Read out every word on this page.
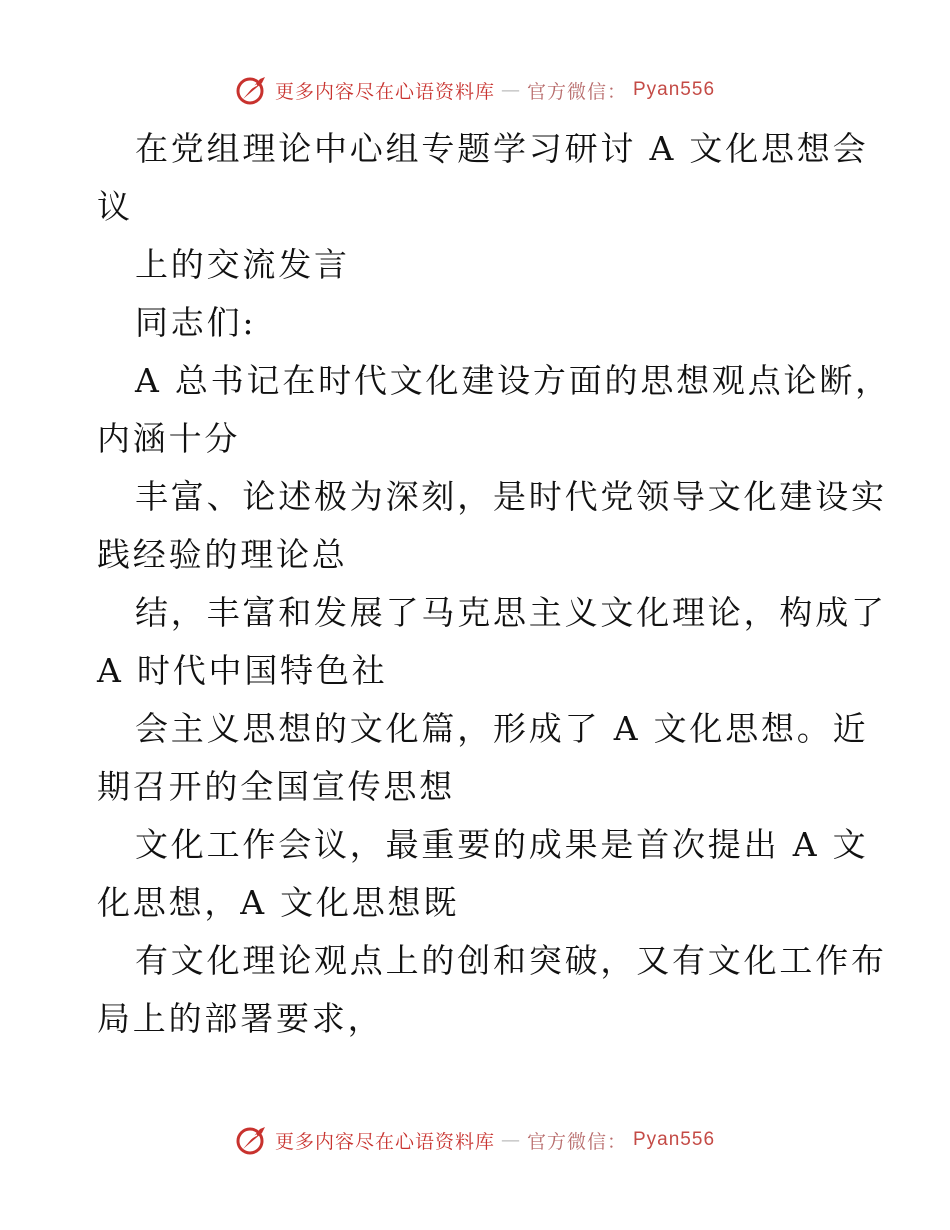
更多内容尽在心语资料库 — 官方微信： Pyan556
在党组理论中心组专题学习研讨 A 文化思想会
议
上的交流发言
同志们:
A 总书记在时代文化建设方面的思想观点论断，
内涵十分
丰富、论述极为深刻，是时代党领导文化建设实
践经验的理论总
结，丰富和发展了马克思主义文化理论，构成了
A 时代中国特色社
会主义思想的文化篇，形成了 A 文化思想。近
期召开的全国宣传思想
文化工作会议，最重要的成果是首次提出 A 文
化思想，A 文化思想既
有文化理论观点上的创和突破，又有文化工作布
局上的部署要求，
更多内容尽在心语资料库 — 官方微信： Pyan556
